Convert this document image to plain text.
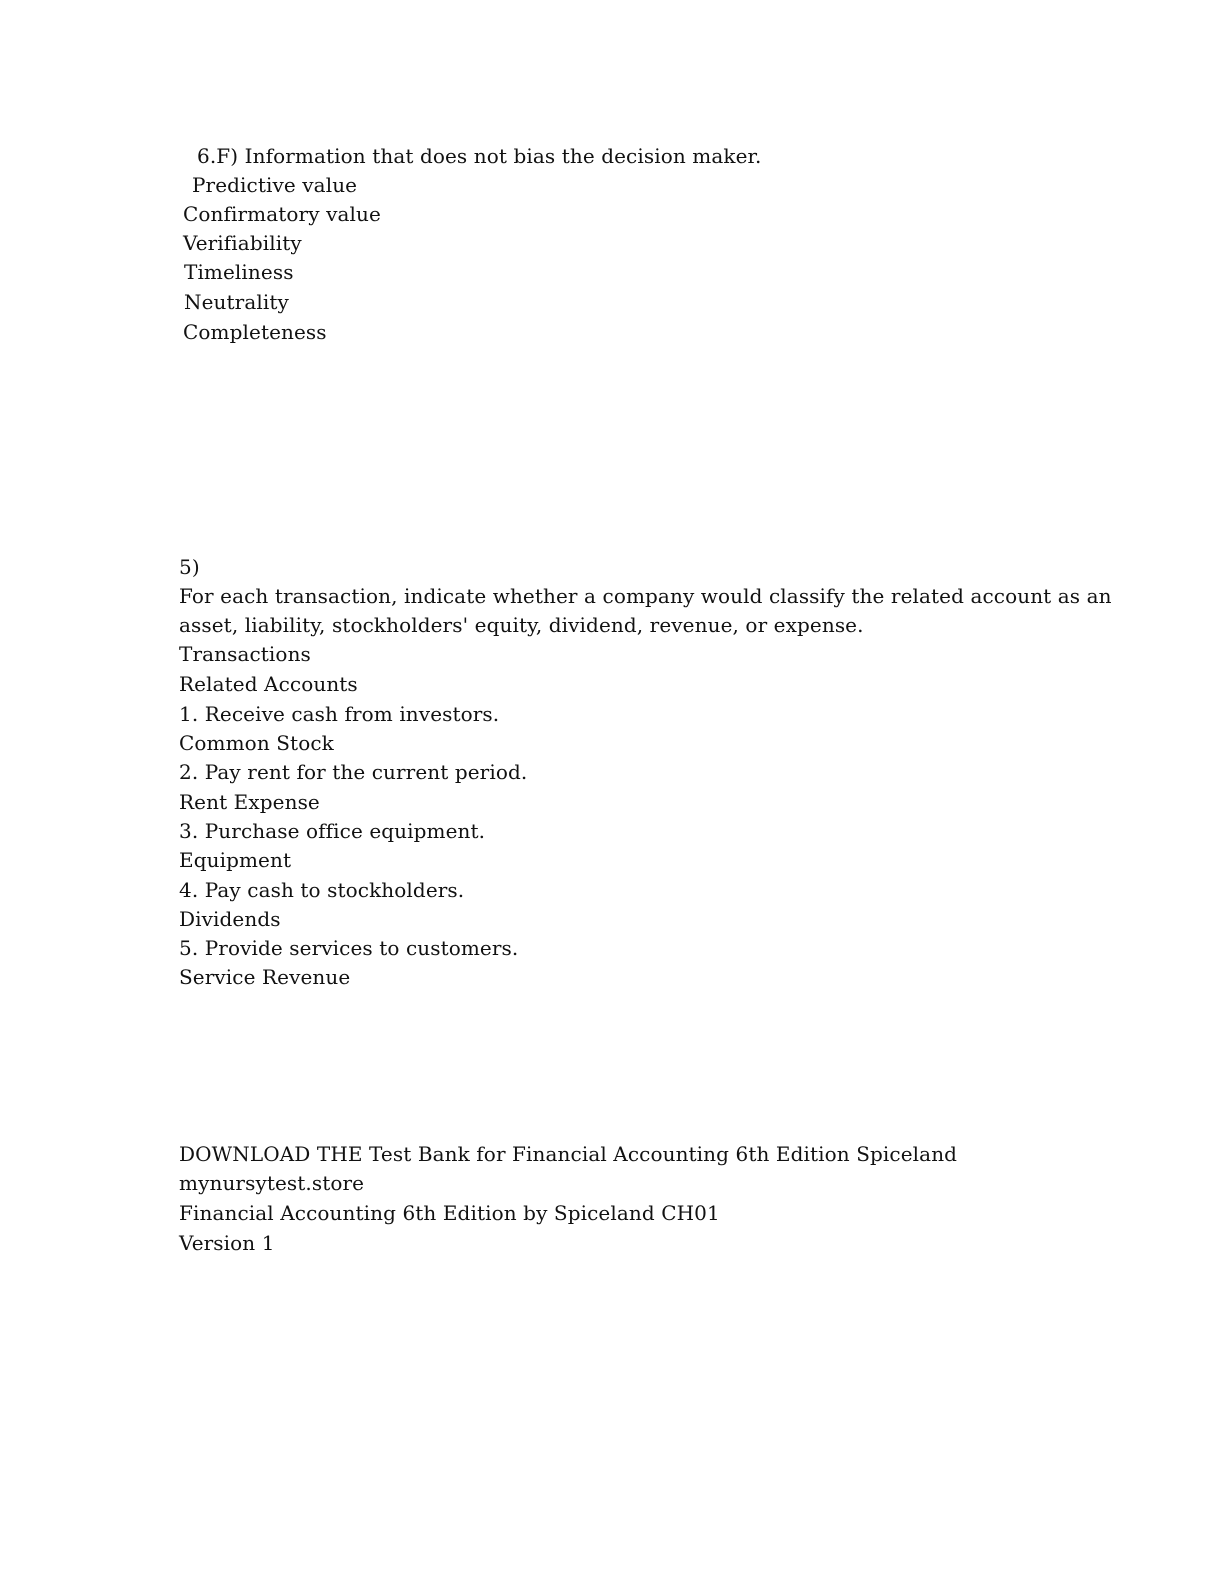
6.F) Information that does not bias the decision maker.
Predictive value
Confirmatory value
Verifiability
Timeliness
Neutrality
Completeness
5)
For each transaction, indicate whether a company would classify the related account as an
asset, liability, stockholders' equity, dividend, revenue, or expense.
Transactions
Related Accounts
1. Receive cash from investors.
Common Stock
2. Pay rent for the current period.
Rent Expense
3. Purchase office equipment.
Equipment
4. Pay cash to stockholders.
Dividends
5. Provide services to customers.
Service Revenue
DOWNLOAD THE Test Bank for Financial Accounting 6th Edition Spiceland
mynursytest.store
Financial Accounting 6th Edition by Spiceland CH01
Version 1
